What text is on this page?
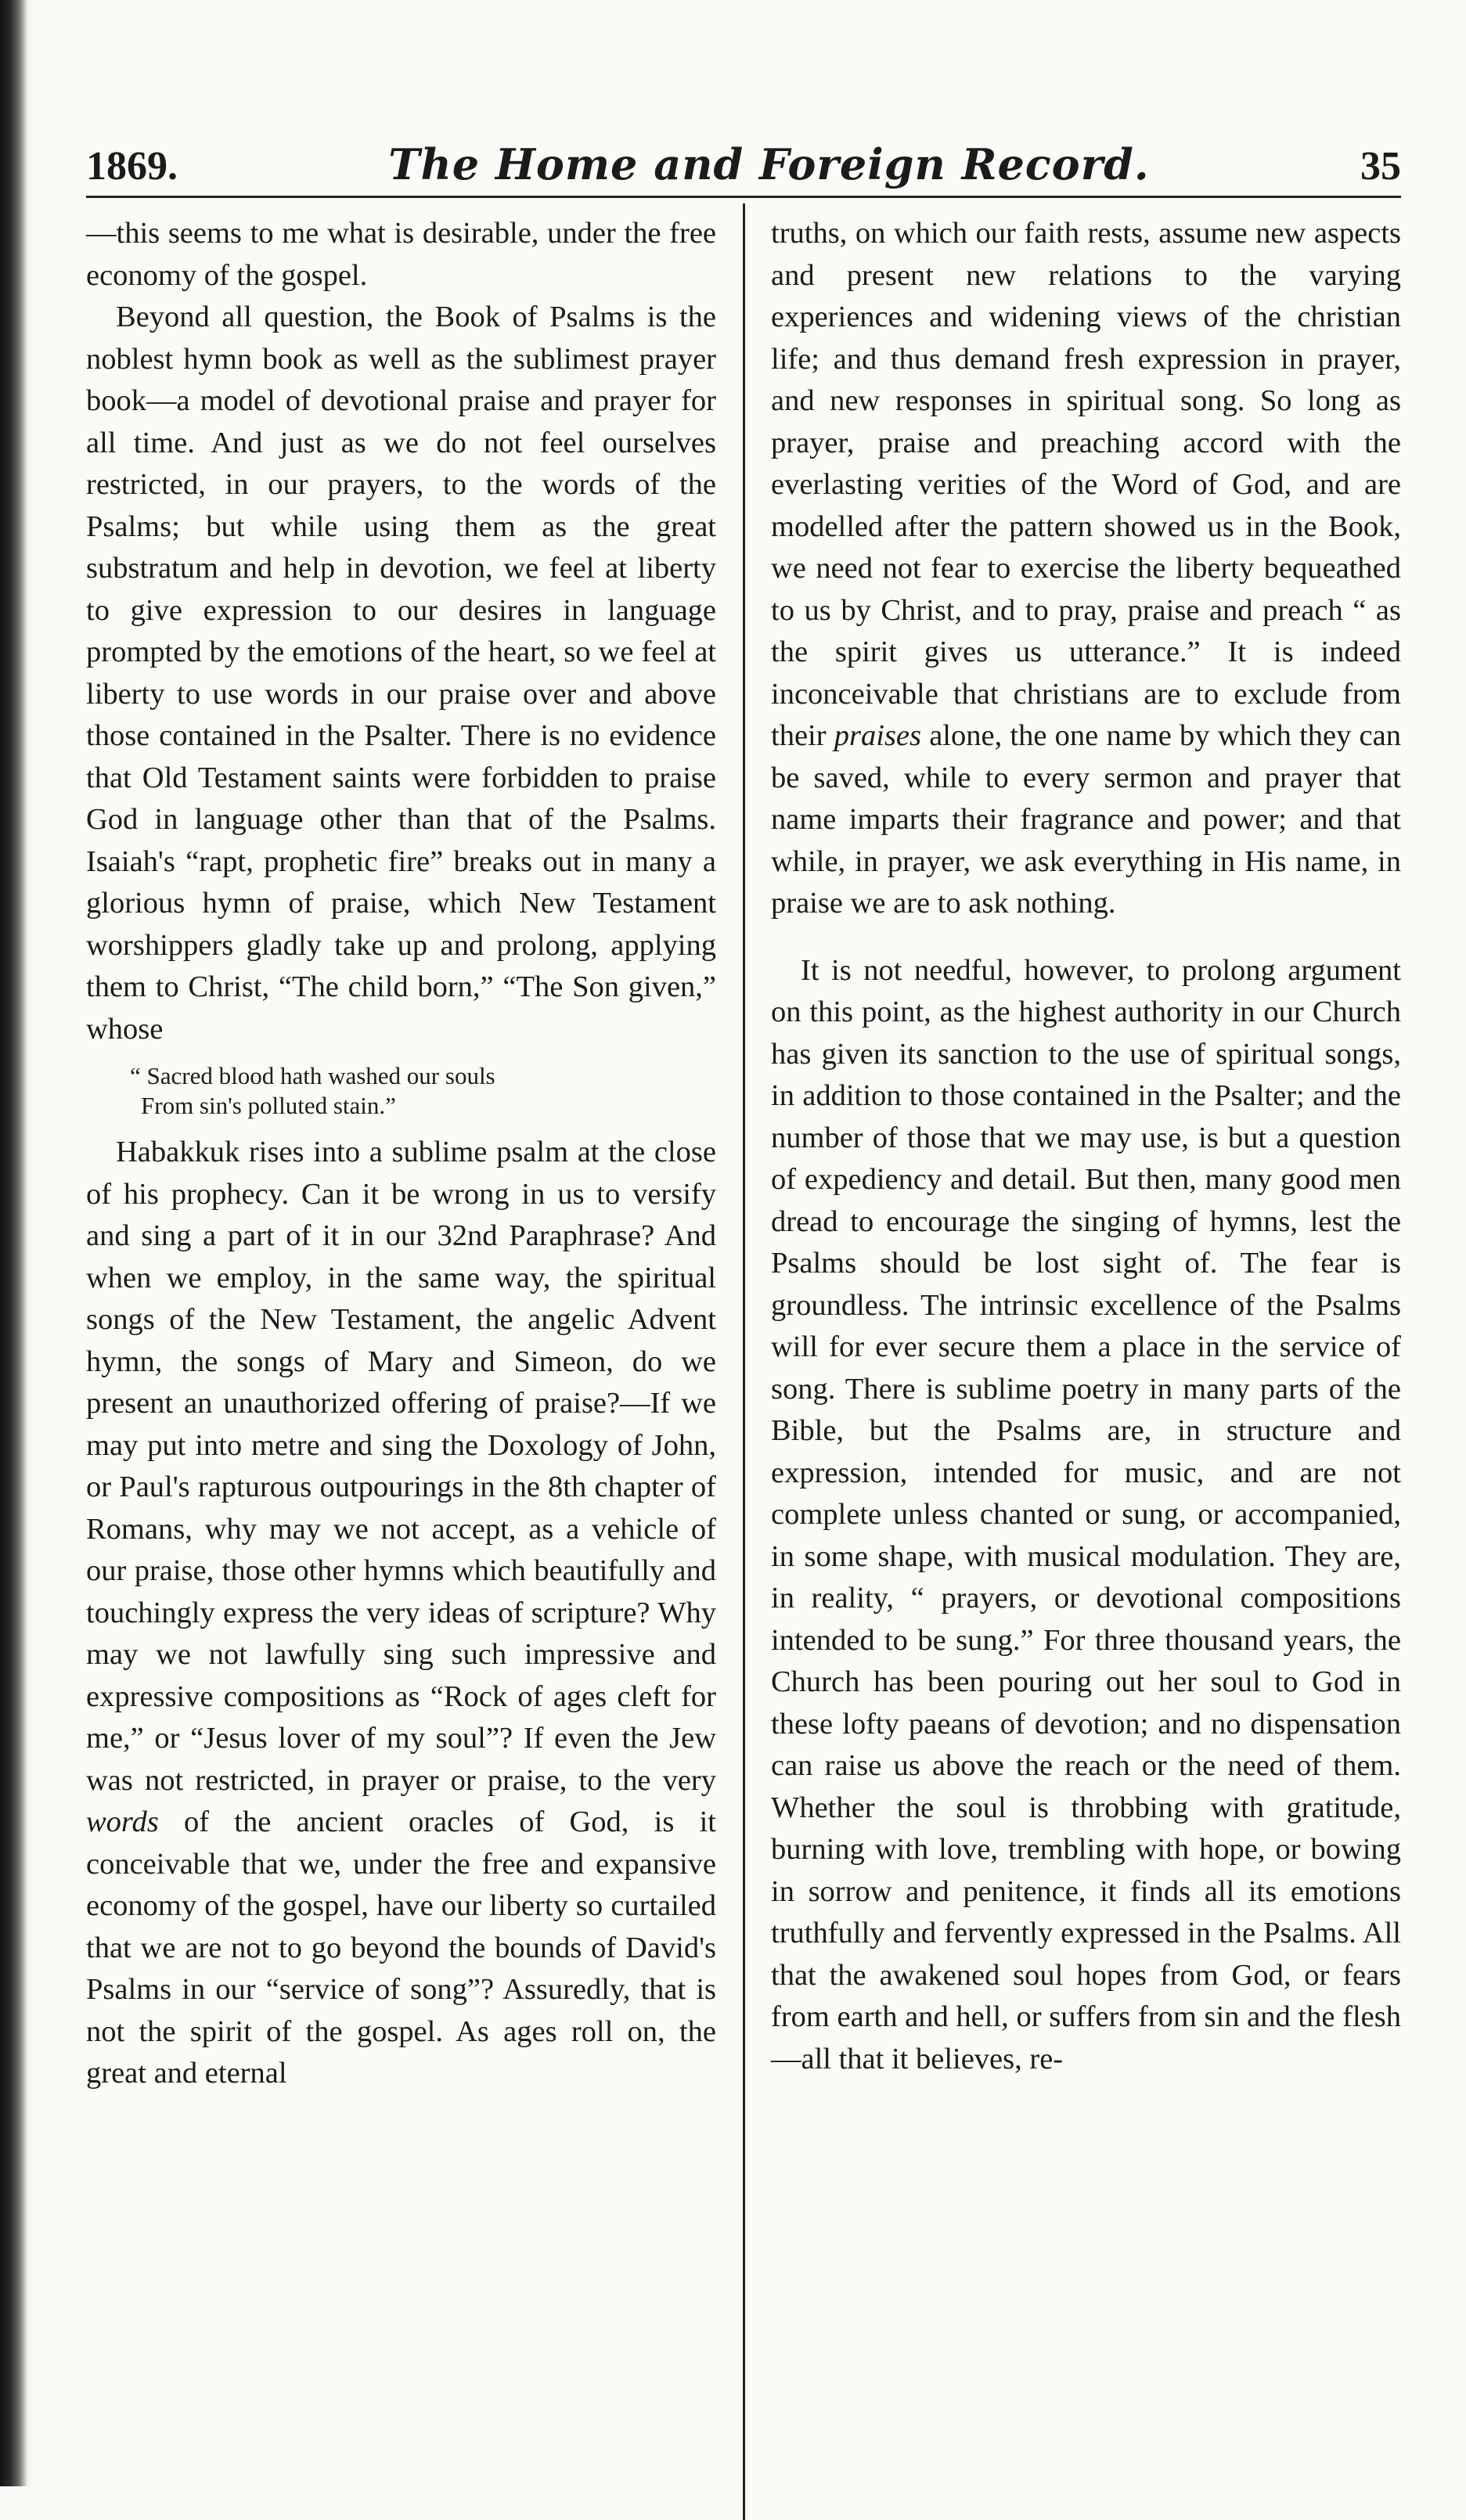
1869.	The Home and Foreign Record.	35

—this seems to me what is desirable, under the free economy of the gospel.

Beyond all question, the Book of Psalms is the noblest hymn book as well as the sublimest prayer book—a model of devotional praise and prayer for all time. And just as we do not feel ourselves restricted, in our prayers, to the words of the Psalms; but while using them as the great substratum and help in devotion, we feel at liberty to give expression to our desires in language prompted by the emotions of the heart, so we feel at liberty to use words in our praise over and above those contained in the Psalter. There is no evidence that Old Testament saints were forbidden to praise God in language other than that of the Psalms. Isaiah's “rapt, prophetic fire” breaks out in many a glorious hymn of praise, which New Testament worshippers gladly take up and prolong, applying them to Christ, “The child born,” “The Son given,” whose

“ Sacred blood hath washed our souls
From sin's polluted stain.”

Habakkuk rises into a sublime psalm at the close of his prophecy. Can it be wrong in us to versify and sing a part of it in our 32nd Paraphrase? And when we employ, in the same way, the spiritual songs of the New Testament, the angelic Advent hymn, the songs of Mary and Simeon, do we present an unauthorized offering of praise?—If we may put into metre and sing the Doxology of John, or Paul's rapturous outpourings in the 8th chapter of Romans, why may we not accept, as a vehicle of our praise, those other hymns which beautifully and touchingly express the very ideas of scripture? Why may we not lawfully sing such impressive and expressive compositions as “Rock of ages cleft for me,” or “Jesus lover of my soul”? If even the Jew was not restricted, in prayer or praise, to the very words of the ancient oracles of God, is it conceivable that we, under the free and expansive economy of the gospel, have our liberty so curtailed that we are not to go beyond the bounds of David's Psalms in our “service of song”? Assuredly, that is not the spirit of the gospel. As ages roll on, the great and eternal

truths, on which our faith rests, assume new aspects and present new relations to the varying experiences and widening views of the christian life; and thus demand fresh expression in prayer, and new responses in spiritual song. So long as prayer, praise and preaching accord with the everlasting verities of the Word of God, and are modelled after the pattern showed us in the Book, we need not fear to exercise the liberty bequeathed to us by Christ, and to pray, praise and preach “ as the spirit gives us utterance.” It is indeed inconceivable that christians are to exclude from their praises alone, the one name by which they can be saved, while to every sermon and prayer that name imparts their fragrance and power; and that while, in prayer, we ask everything in His name, in praise we are to ask nothing.

It is not needful, however, to prolong argument on this point, as the highest authority in our Church has given its sanction to the use of spiritual songs, in addition to those contained in the Psalter; and the number of those that we may use, is but a question of expediency and detail. But then, many good men dread to encourage the singing of hymns, lest the Psalms should be lost sight of. The fear is groundless. The intrinsic excellence of the Psalms will for ever secure them a place in the service of song. There is sublime poetry in many parts of the Bible, but the Psalms are, in structure and expression, intended for music, and are not complete unless chanted or sung, or accompanied, in some shape, with musical modulation. They are, in reality, “ prayers, or devotional compositions intended to be sung.” For three thousand years, the Church has been pouring out her soul to God in these lofty paeans of devotion; and no dispensation can raise us above the reach or the need of them. Whether the soul is throbbing with gratitude, burning with love, trembling with hope, or bowing in sorrow and penitence, it finds all its emotions truthfully and fervently expressed in the Psalms. All that the awakened soul hopes from God, or fears from earth and hell, or suffers from sin and the flesh—all that it believes, re-
